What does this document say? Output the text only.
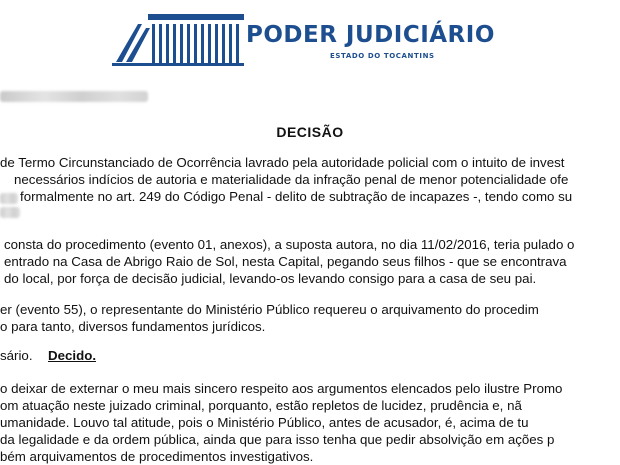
PODER JUDICIÁRIO
ESTADO DO TOCANTINS
DECISÃO
de Termo Circunstanciado de Ocorrência lavrado pela autoridade policial com o intuito de invest
necessários indícios de autoria e materialidade da infração penal de menor potencialidade ofe
formalmente no art. 249 do Código Penal - delito de subtração de incapazes -, tendo como su
consta do procedimento (evento 01, anexos), a suposta autora, no dia 11/02/2016, teria pulado o
entrado na Casa de Abrigo Raio de Sol, nesta Capital, pegando seus filhos - que se encontrava
do local, por força de decisão judicial, levando-os levando consigo para a casa de seu pai.
er (evento 55), o representante do Ministério Público requereu o arquivamento do procedim
o para tanto, diversos fundamentos jurídicos.
sário. Decido.
o deixar de externar o meu mais sincero respeito aos argumentos elencados pelo ilustre Promo
om atuação neste juizado criminal, porquanto, estão repletos de lucidez, prudência e, nã
umanidade. Louvo tal atitude, pois o Ministério Público, antes de acusador, é, acima de tu
da legalidade e da ordem pública, ainda que para isso tenha que pedir absolvição em ações p
bém arquivamentos de procedimentos investigativos.
